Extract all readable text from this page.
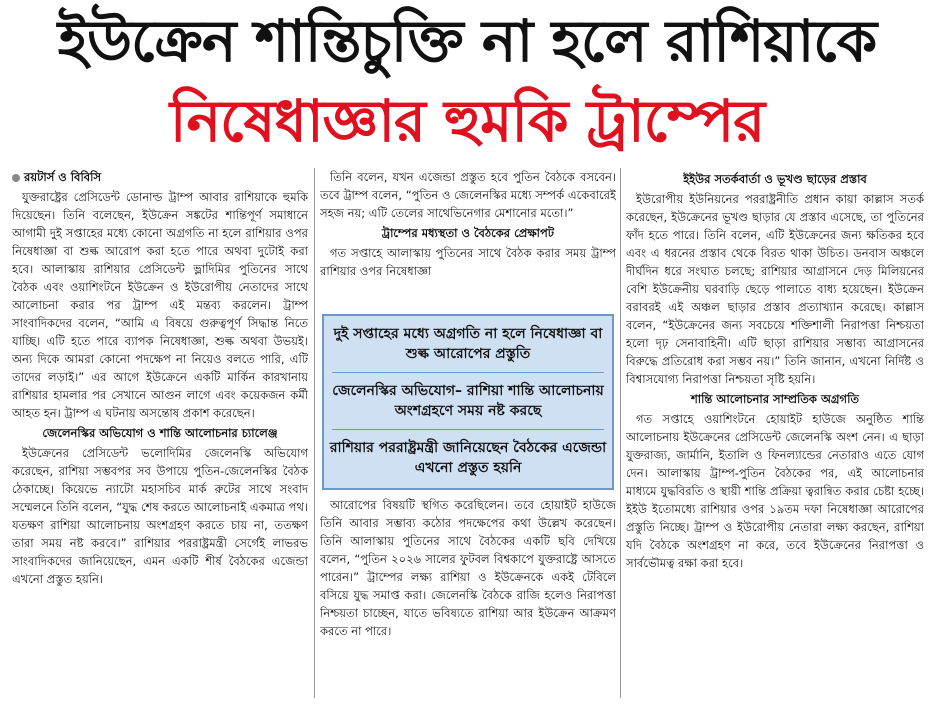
ইউক্রেন শান্তিচুক্তি না হলে রাশিয়াকে
নিষেধাজ্ঞার হুমকি ট্রাম্পের
রয়টার্স ও বিবিসি

যুক্তরাষ্ট্রের প্রেসিডেন্ট ডোনাল্ড ট্রাম্প আবার রাশিয়াকে হুমকি দিয়েছেন। তিনি বলেছেন, ইউক্রেন সঙ্কটের শান্তিপূর্ণ সমাধানে আগামী দুই সপ্তাহের মধ্যে কোনো অগ্রগতি না হলে রাশিয়ার ওপর নিষেধাজ্ঞা বা শুল্ক আরোপ করা হতে পারে অথবা দুটোই করা হবে। আলাস্কায় রাশিয়ার প্রেসিডেন্ট ভ্লাদিমির পুতিনের সাথে বৈঠক এবং ওয়াশিংটনে ইউক্রেন ও ইউরোপীয় নেতাদের সাথে আলোচনা করার পর ট্রাম্প এই মন্তব্য করলেন। ট্রাম্প সাংবাদিকদের বলেন, “আমি এ বিষয়ে গুরুত্বপূর্ণ সিদ্ধান্ত নিতে যাচ্ছি। এটি হতে পারে ব্যাপক নিষেধাজ্ঞা, শুল্ক অথবা উভয়ই। অন্য দিকে আমরা কোনো পদক্ষেপ না নিয়েও বলতে পারি, এটি তাদের লড়াই।” এর আগে ইউক্রেনে একটি মার্কিন কারখানায় রাশিয়ার হামলার পর সেখানে আগুন লাগে এবং কয়েকজন কর্মী আহত হন। ট্রাম্প এ ঘটনায় অসন্তোষ প্রকাশ করেছেন।

জেলেনস্কির অভিযোগ ও শান্তি আলোচনার চ্যালেঞ্জ

ইউক্রেনের প্রেসিডেন্ট ভলোদিমির জেলেনস্কি অভিযোগ করেছেন, রাশিয়া সম্ভবপর সব উপায়ে পুতিন-জেলেনস্কির বৈঠক ঠেকাচ্ছে। কিয়েভে ন্যাটো মহাসচিব মার্ক রুটের সাথে সংবাদ সম্মেলনে তিনি বলেন, “যুদ্ধ শেষ করতে আলোচনাই একমাত্র পথ। যতক্ষণ রাশিয়া আলোচনায় অংশগ্রহণ করতে চায় না, ততক্ষণ তারা সময় নষ্ট করবে।” রাশিয়ার পররাষ্ট্রমন্ত্রী সের্গেই লাভরভ সাংবাদিকদের জানিয়েছেন, এমন একটি শীর্ষ বৈঠকের এজেন্ডা এখনো প্রস্তুত হয়নি।

তিনি বলেন, যখন এজেন্ডা প্রস্তুত হবে পুতিন বৈঠকে বসবেন। তবে ট্রাম্প বলেন, “পুতিন ও জেলেনস্কির মধ্যে সম্পর্ক একেবারেই সহজ নয়; এটি তেলের সাথেভিনেগার মেশানোর মতো।”

ট্রাম্পের মধ্যস্থতা ও বৈঠকের প্রেক্ষাপট

গত সপ্তাহে আলাস্কায় পুতিনের সাথে বৈঠক করার সময় ট্রাম্প রাশিয়ার ওপর নিষেধাজ্ঞা

দুই সপ্তাহের মধ্যে অগ্রগতি না হলে নিষেধাজ্ঞা বা শুল্ক আরোপের প্রস্তুতি
জেলেনস্কির অভিযোগ– রাশিয়া শান্তি আলোচনায় অংশগ্রহণে সময় নষ্ট করছে
রাশিয়ার পররাষ্ট্রমন্ত্রী জানিয়েছেন বৈঠকের এজেন্ডা এখনো প্রস্তুত হয়নি

আরোপের বিষয়টি স্থগিত করেছিলেন। তবে হোয়াইট হাউজে তিনি আবার সম্ভাব্য কঠোর পদক্ষেপের কথা উল্লেখ করেছেন। তিনি আলাস্কায় পুতিনের সাথে বৈঠকের একটি ছবি দেখিয়ে বলেন, “পুতিন ২০২৬ সালের ফুটবল বিশ্বকাপে যুক্তরাষ্ট্রে আসতে পারেন।” ট্রাম্পের লক্ষ্য রাশিয়া ও ইউক্রেনকে একই টেবিলে বসিয়ে যুদ্ধ সমাপ্ত করা। জেলেনস্কি বৈঠকে রাজি হলেও নিরাপত্তা নিশ্চয়তা চাচ্ছেন, যাতে ভবিষ্যতে রাশিয়া আর ইউক্রেন আক্রমণ করতে না পারে।

ইইউর সতর্কবার্তা ও ভূখণ্ড ছাড়ের প্রস্তাব

ইউরোপীয় ইউনিয়নের পররাষ্ট্রনীতি প্রধান কায়া কাল্লাস সতর্ক করেছেন, ইউক্রেনের ভূখণ্ড ছাড়ার যে প্রস্তাব এসেছে, তা পুতিনের ফাঁদ হতে পারে। তিনি বলেন, এটি ইউক্রেনের জন্য ক্ষতিকর হবে এবং এ ধরনের প্রস্তাব থেকে বিরত থাকা উচিত। ডনবাস অঞ্চলে দীর্ঘদিন ধরে সংঘাত চলছে; রাশিয়ার আগ্রাসনে দেড় মিলিয়নের বেশি ইউক্রেনীয় ঘরবাড়ি ছেড়ে পালাতে বাধ্য হয়েছেন। ইউক্রেন বরাবরই এই অঞ্চল ছাড়ার প্রস্তাব প্রত্যাখ্যান করেছে। কাল্লাস বলেন, “ইউক্রেনের জন্য সবচেয়ে শক্তিশালী নিরাপত্তা নিশ্চয়তা হলো দৃঢ় সেনাবাহিনী। এটি ছাড়া রাশিয়ার সম্ভাব্য আগ্রাসনের বিরুদ্ধে প্রতিরোধ করা সম্ভব নয়।” তিনি জানান, এখনো নির্দিষ্ট ও বিশ্বাসযোগ্য নিরাপত্তা নিশ্চয়তা সৃষ্টি হয়নি।

শান্তি আলোচনার সাম্প্রতিক অগ্রগতি

গত সপ্তাহে ওয়াশিংটনে হোয়াইট হাউজে অনুষ্ঠিত শান্তি আলোচনায় ইউক্রেনের প্রেসিডেন্ট জেলেনস্কি অংশ নেন। এ ছাড়া যুক্তরাজ্য, জার্মানি, ইতালি ও ফিনল্যান্ডের নেতারাও এতে যোগ দেন। আলাস্কায় ট্রাম্প-পুতিন বৈঠকের পর, এই আলোচনার মাধ্যমে যুদ্ধবিরতি ও স্থায়ী শান্তি প্রক্রিয়া ত্বরান্বিত করার চেষ্টা হচ্ছে। ইইউ ইতোমধ্যে রাশিয়ার ওপর ১৯তম দফা নিষেধাজ্ঞা আরোপের প্রস্তুতি নিচ্ছে। ট্রাম্প ও ইউরোপীয় নেতারা লক্ষ্য করছেন, রাশিয়া যদি বৈঠকে অংশগ্রহণ না করে, তবে ইউক্রেনের নিরাপত্তা ও সার্বভৌমত্ব রক্ষা করা হবে।
